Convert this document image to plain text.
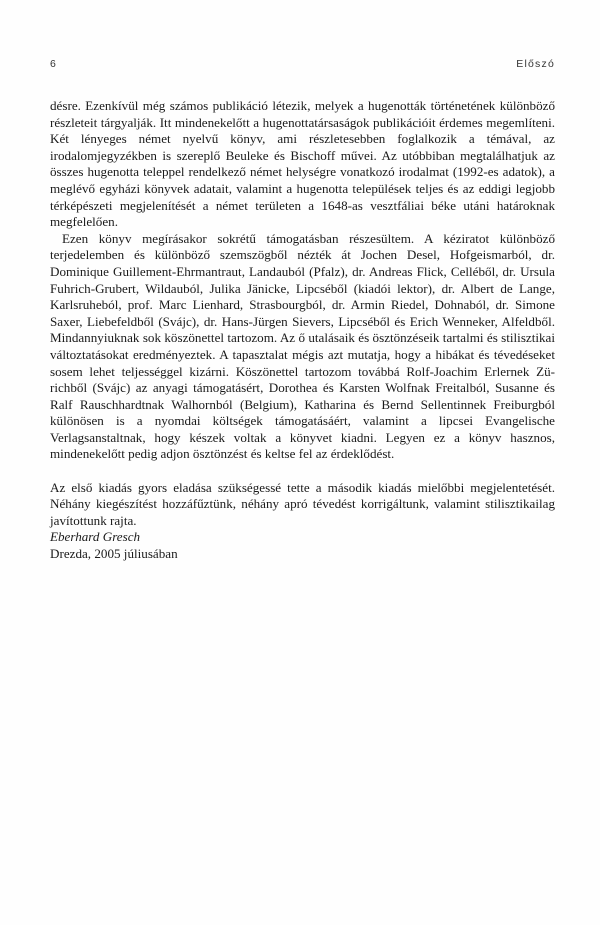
6	Előszó

désre. Ezenkívül még számos publikáció létezik, melyek a hugenották történetének különböző részleteit tárgyalják. Itt mindenekelőtt a hugenottatársaságok publikációit érdemes megemlíteni. Két lényeges német nyelvű könyv, ami részletesebben foglalkozik a témával, az irodalomjegyzékben is szereplő Beuleke és Bischoff művei. Az utóbbiban megtalálhatjuk az összes hugenotta teleppel rendelkező német helységre vonatkozó irodalmat (1992-es adatok), a meglévő egyházi könyvek adatait, valamint a hugenotta települések teljes és az eddigi legjobb térképészeti megjelenítését a német területen a 1648-as vesztfáliai béke utáni határoknak megfelelően.

Ezen könyv megírásakor sokrétű támogatásban részesültem. A kéziratot különböző terjedelemben és különböző szemszögből nézték át Jochen Desel, Hofgeismarból, dr. Dominique Guillement-Ehrmantraut, Landauból (Pfalz), dr. Andreas Flick, Celléből, dr. Ursula Fuhrich-Grubert, Wildauból, Julika Jänicke, Lipcséből (kiadói lektor), dr. Albert de Lange, Karlsruheból, prof. Marc Lienhard, Strasbourgból, dr. Armin Riedel, Dohnaból, dr. Simone Saxer, Liebefeldből (Svájc), dr. Hans-Jürgen Sievers, Lipcséből és Erich Wenneker, Alfeldből. Mindannyiuknak sok köszönettel tartozom. Az ő utalásaik és ösztönzéseik tartalmi és stilisztikai változtatásokat eredményeztek. A tapasztalat mégis azt mutatja, hogy a hibákat és tévedéseket sosem lehet teljességgel kizárni. Köszönettel tartozom továbbá Rolf-Joachim Erlernek Zürichből (Svájc) az anyagi támogatásért, Dorothea és Karsten Wolfnak Freitalból, Susanne és Ralf Rauschhardtnak Walhornból (Belgium), Katharina és Bernd Sellentinnek Freiburgból különösen is a nyomdai költségek támogatásáért, valamint a lipcsei Evangelische Verlagsanstaltnak, hogy készek voltak a könyvet kiadni. Legyen ez a könyv hasznos, mindenekelőtt pedig adjon ösztönzést és keltse fel az érdeklődést.

Az első kiadás gyors eladása szükségessé tette a második kiadás mielőbbi megjelentetését. Néhány kiegészítést hozzáfűztünk, néhány apró tévedést korrigáltunk, valamint stilisztikailag javítottunk rajta.

Eberhard Gresch

Drezda, 2005 júliusában
